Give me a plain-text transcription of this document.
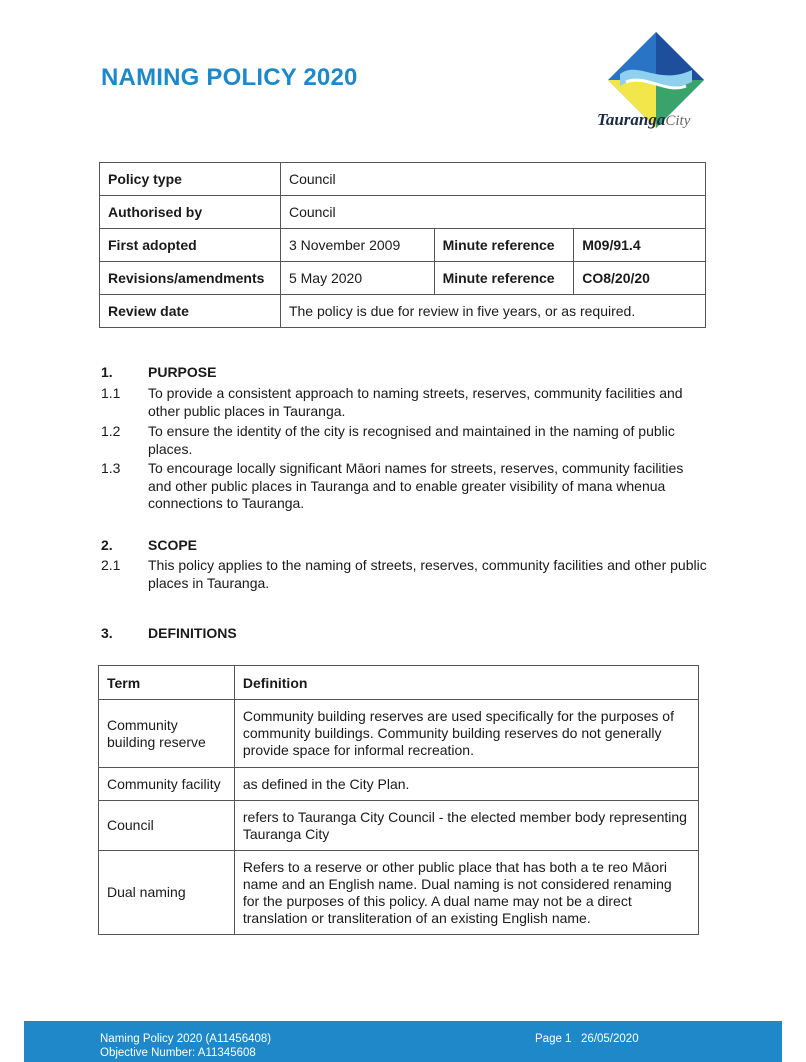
NAMING POLICY 2020
TaurangaCity
Policy type	Council		
Authorised by	Council		
First adopted	3 November 2009	Minute reference	M09/91.4
Revisions/amendments	5 May 2020	Minute reference	CO8/20/20
Review date	The policy is due for review in five years, or as required.		
1.	PURPOSE
1.1 To provide a consistent approach to naming streets, reserves, community facilities and other public places in Tauranga.
1.2 To ensure the identity of the city is recognised and maintained in the naming of public places.
1.3 To encourage locally significant Māori names for streets, reserves, community facilities and other public places in Tauranga and to enable greater visibility of mana whenua connections to Tauranga.
2.	SCOPE
2.1 This policy applies to the naming of streets, reserves, community facilities and other public places in Tauranga.
3.	DEFINITIONS
Term	Definition
Community building reserve	Community building reserves are used specifically for the purposes of community buildings. Community building reserves do not generally provide space for informal recreation.
Community facility	as defined in the City Plan.
Council	refers to Tauranga City Council - the elected member body representing Tauranga City
Dual naming	Refers to a reserve or other public place that has both a te reo Māori name and an English name. Dual naming is not considered renaming for the purposes of this policy. A dual name may not be a direct translation or transliteration of an existing English name.
Naming Policy 2020 (A11456408)
Objective Number: A11345608
Page 1   26/05/2020
